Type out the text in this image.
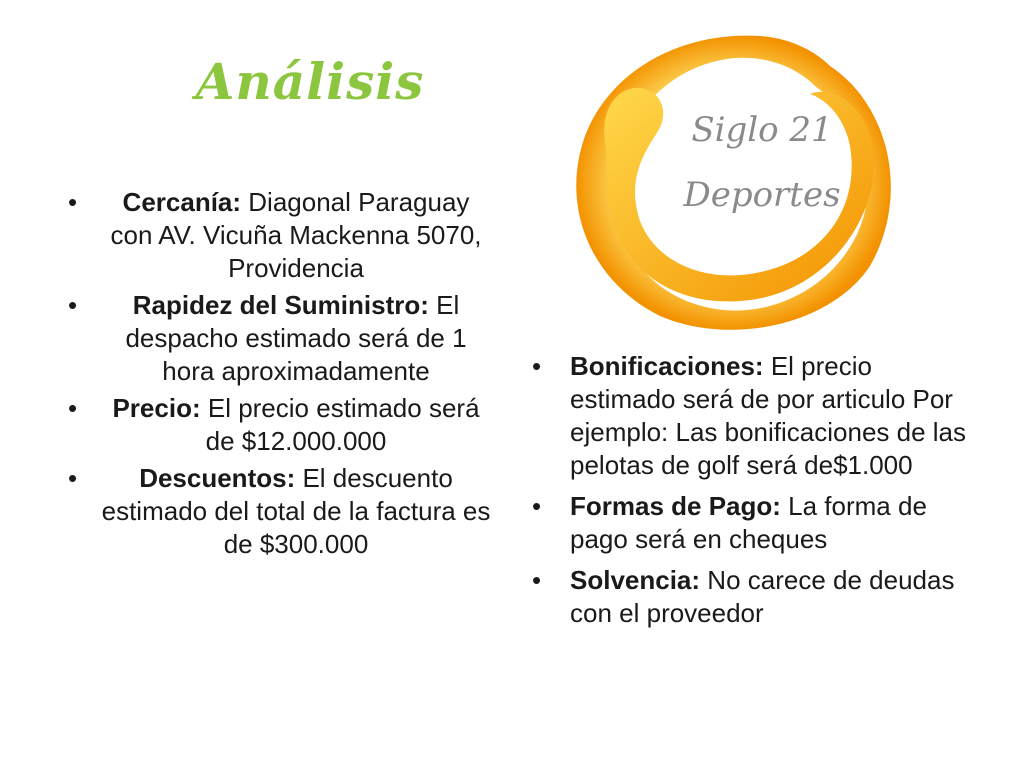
Análisis
Siglo 21
Deportes
• Cercanía: Diagonal Paraguay con AV. Vicuña Mackenna 5070, Providencia
• Rapidez del Suministro: El despacho estimado será de 1 hora aproximadamente
• Precio: El precio estimado será de $12.000.000
• Descuentos: El descuento estimado del total de la factura es de $300.000
• Bonificaciones: El precio estimado será de por articulo Por ejemplo: Las bonificaciones de las pelotas de golf será de$1.000
• Formas de Pago: La forma de pago será en cheques
• Solvencia: No carece de deudas con el proveedor
